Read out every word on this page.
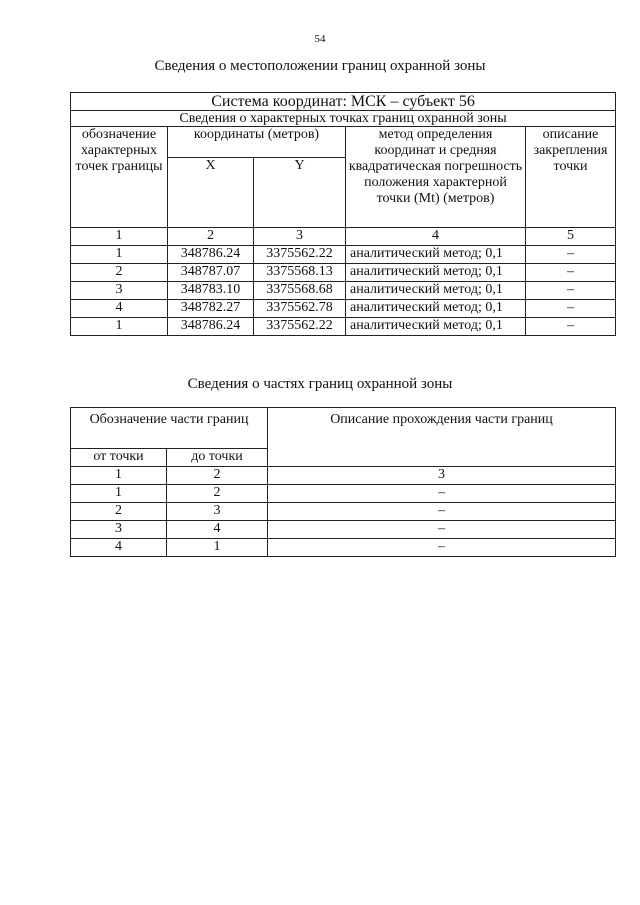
54
Сведения о местоположении границ охранной зоны
Система координат: МСК – субъект 56				
Сведения о характерных точках границ охранной зоны				
обозначение характерных точек границы	координаты (метров)		метод определения координат и средняя квадратическая погрешность положения характерной точки (Mt) (метров)	описание закрепления точки
	X	Y		
1	2	3	4	5
1	348786.24	3375562.22	аналитический метод; 0,1	–
2	348787.07	3375568.13	аналитический метод; 0,1	–
3	348783.10	3375568.68	аналитический метод; 0,1	–
4	348782.27	3375562.78	аналитический метод; 0,1	–
1	348786.24	3375562.22	аналитический метод; 0,1	–
Сведения о частях границ охранной зоны
Обозначение части границ		Описание прохождения части границ
от точки	до точки	
1	2	3
1	2	–
2	3	–
3	4	–
4	1	–
